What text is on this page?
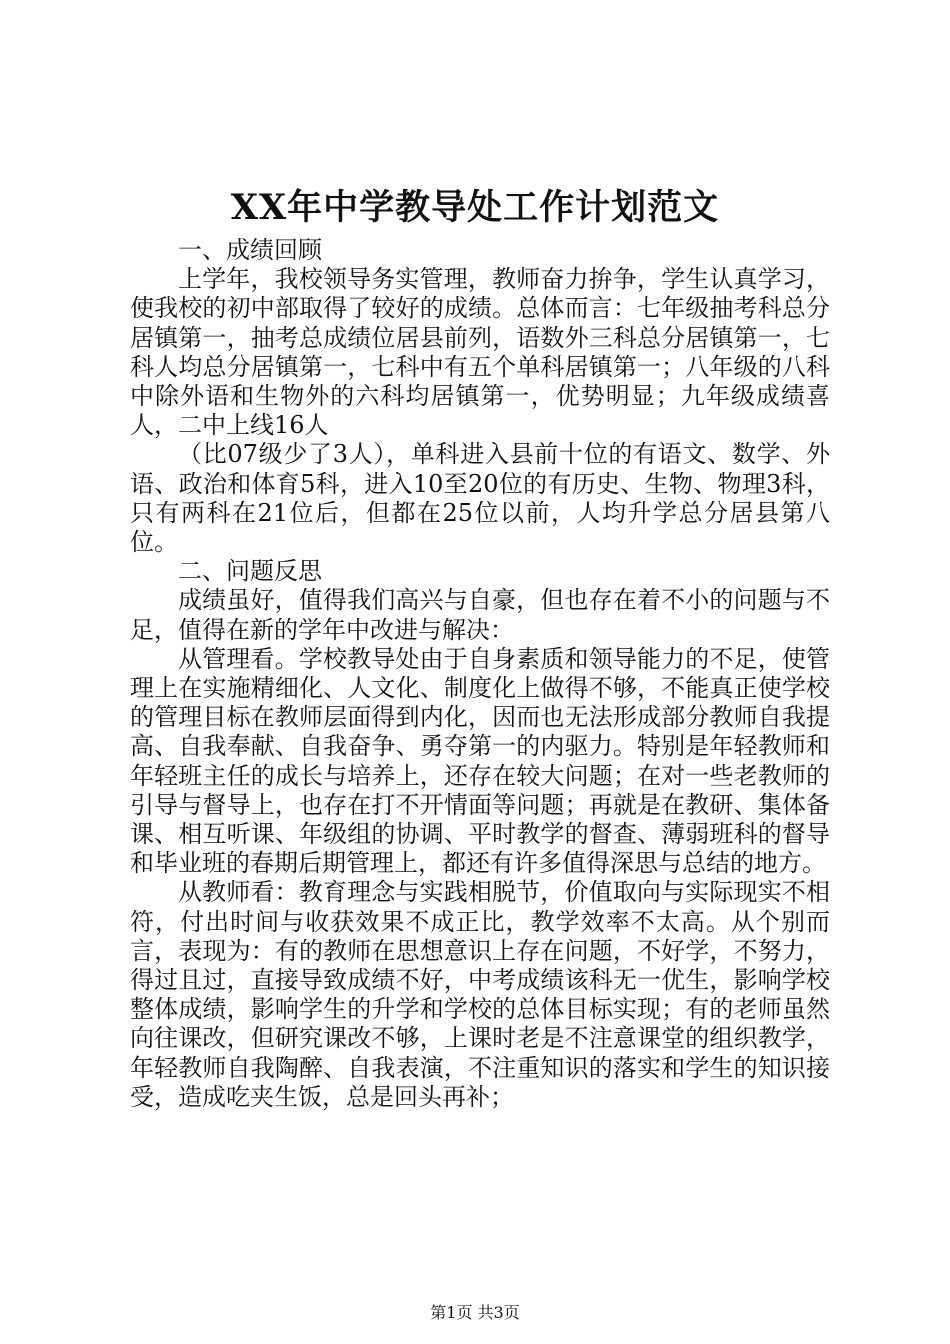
XX年中学教导处工作计划范文

一、成绩回顾

上学年，我校领导务实管理，教师奋力拚争，学生认真学习，使我校的初中部取得了较好的成绩。总体而言：七年级抽考科总分居镇第一，抽考总成绩位居县前列，语数外三科总分居镇第一，七科人均总分居镇第一，七科中有五个单科居镇第一；八年级的八科中除外语和生物外的六科均居镇第一，优势明显；九年级成绩喜人，二中上线16人

（比07级少了3人），单科进入县前十位的有语文、数学、外语、政治和体育5科，进入10至20位的有历史、生物、物理3科，只有两科在21位后，但都在25位以前，人均升学总分居县第八位。

二、问题反思

成绩虽好，值得我们高兴与自豪，但也存在着不小的问题与不足，值得在新的学年中改进与解决：

从管理看。学校教导处由于自身素质和领导能力的不足，使管理上在实施精细化、人文化、制度化上做得不够，不能真正使学校的管理目标在教师层面得到内化，因而也无法形成部分教师自我提高、自我奉献、自我奋争、勇夺第一的内驱力。特别是年轻教师和年轻班主任的成长与培养上，还存在较大问题；在对一些老教师的引导与督导上，也存在打不开情面等问题；再就是在教研、集体备课、相互听课、年级组的协调、平时教学的督查、薄弱班科的督导和毕业班的春期后期管理上，都还有许多值得深思与总结的地方。

从教师看：教育理念与实践相脱节，价值取向与实际现实不相符，付出时间与收获效果不成正比，教学效率不太高。从个别而言，表现为：有的教师在思想意识上存在问题，不好学，不努力，得过且过，直接导致成绩不好，中考成绩该科无一优生，影响学校整体成绩，影响学生的升学和学校的总体目标实现；有的老师虽然向往课改，但研究课改不够，上课时老是不注意课堂的组织教学，年轻教师自我陶醉、自我表演，不注重知识的落实和学生的知识接受，造成吃夹生饭，总是回头再补；

第1页 共3页
